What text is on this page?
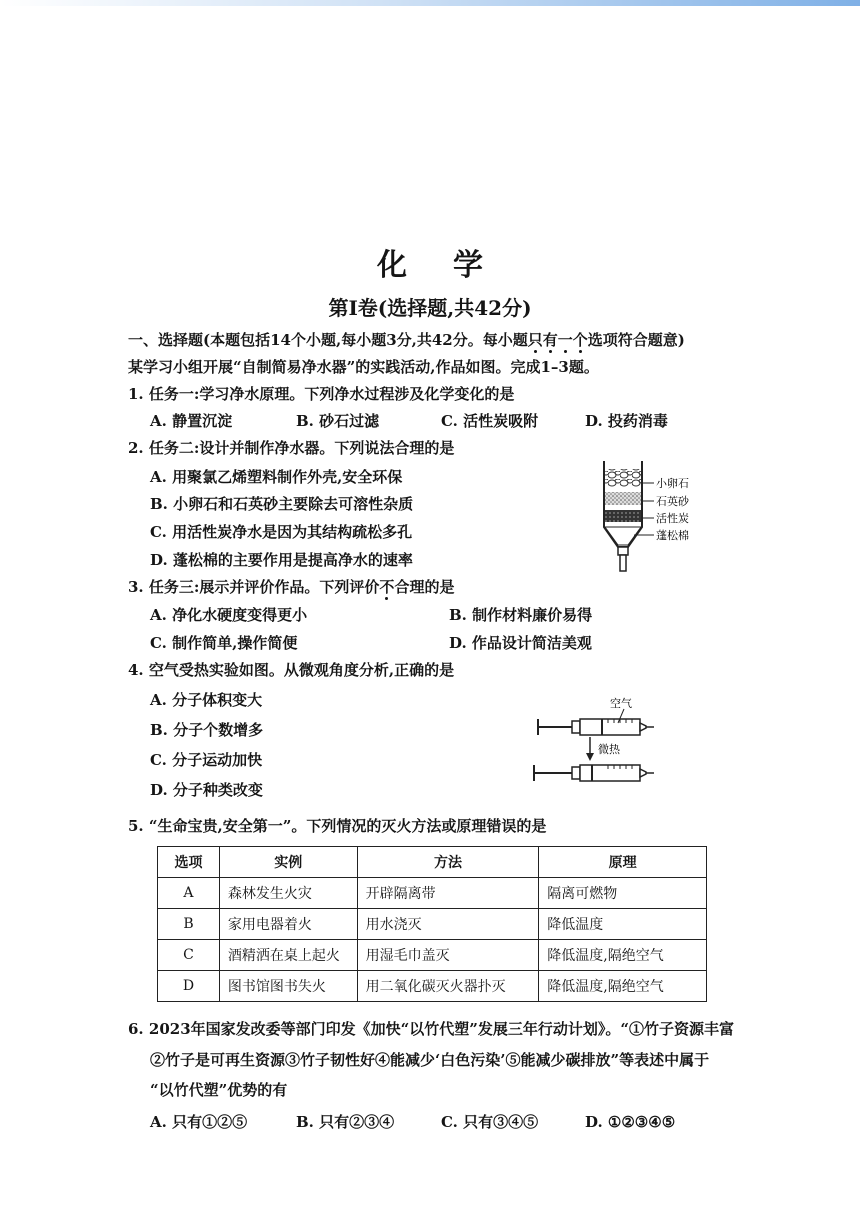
化学
第Ⅰ卷(选择题,共42分)
一、选择题(本题包括14个小题,每小题3分,共42分。每小题只有一个选项符合题意)
某学习小组开展“自制简易净水器”的实践活动,作品如图。完成1–3题。
1. 任务一:学习净水原理。下列净水过程涉及化学变化的是
A. 静置沉淀	B. 砂石过滤	C. 活性炭吸附	D. 投药消毒
2. 任务二:设计并制作净水器。下列说法合理的是
A. 用聚氯乙烯塑料制作外壳,安全环保
B. 小卵石和石英砂主要除去可溶性杂质
C. 用活性炭净水是因为其结构疏松多孔
D. 蓬松棉的主要作用是提高净水的速率
小卵石
石英砂
活性炭
蓬松棉
3. 任务三:展示并评价作品。下列评价不合理的是
A. 净化水硬度变得更小	B. 制作材料廉价易得
C. 制作简单,操作简便	D. 作品设计简洁美观
4. 空气受热实验如图。从微观角度分析,正确的是
A. 分子体积变大
B. 分子个数增多
C. 分子运动加快
D. 分子种类改变
空气
微热
5. “生命宝贵,安全第一”。下列情况的灭火方法或原理错误的是
选项	实例	方法	原理
A	森林发生火灾	开辟隔离带	隔离可燃物
B	家用电器着火	用水浇灭	降低温度
C	酒精洒在桌上起火	用湿毛巾盖灭	降低温度,隔绝空气
D	图书馆图书失火	用二氧化碳灭火器扑灭	降低温度,隔绝空气
6. 2023年国家发改委等部门印发《加快“以竹代塑”发展三年行动计划》。“①竹子资源丰富
②竹子是可再生资源③竹子韧性好④能减少‘白色污染’⑤能减少碳排放”等表述中属于
“以竹代塑”优势的有
A. 只有①②⑤	B. 只有②③④	C. 只有③④⑤	D. ①②③④⑤
